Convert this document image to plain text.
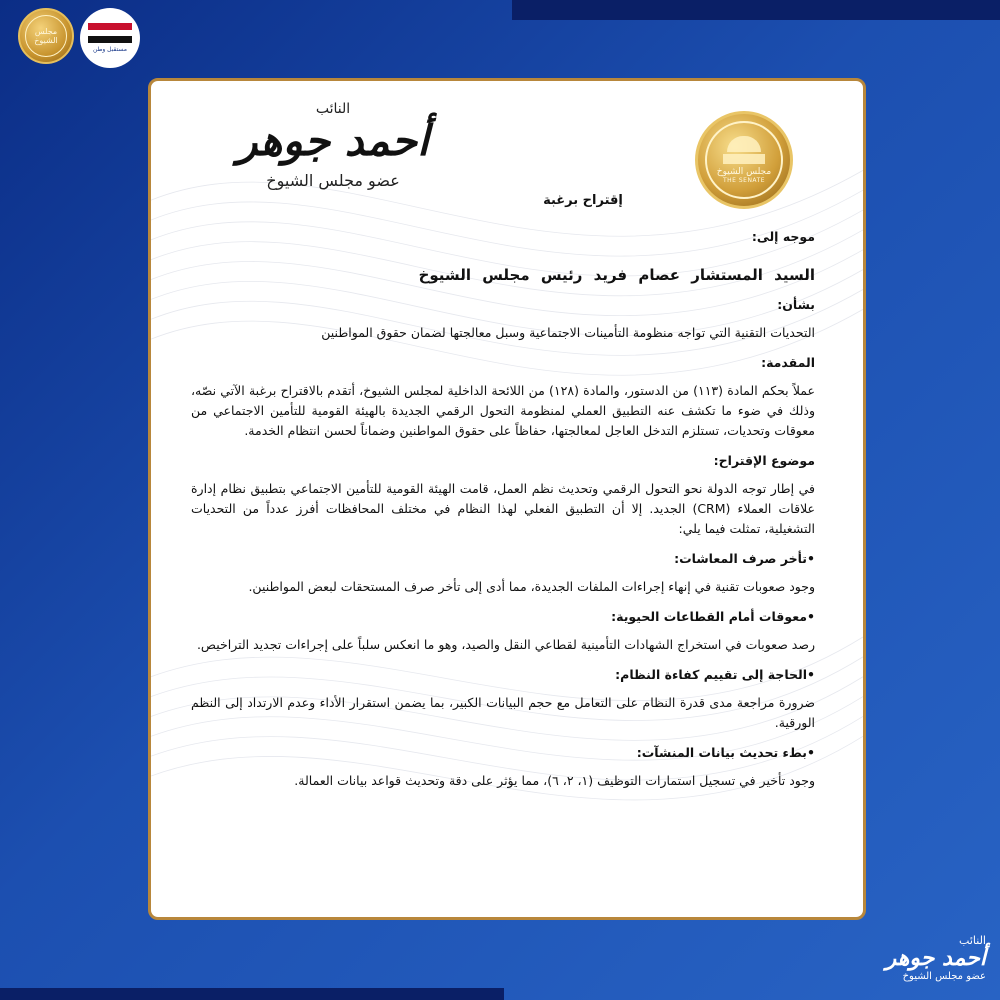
مجلس الشيوخ
مستقبل وطن
النائب
أحمد جوهر
عضو مجلس الشيوخ	مجلس الشيوخ
THE SENATE
إقتراح برغبة
موجه إلى:
السيد المستشار عصام فريد رئيس مجلس الشيوخ
بشأن:

التحديات التقنية التي تواجه منظومة التأمينات الاجتماعية وسبل معالجتها لضمان حقوق المواطنين

المقدمة:

عملاً بحكم المادة (١١٣) من الدستور، والمادة (١٢٨) من اللائحة الداخلية لمجلس الشيوخ، أتقدم بالاقتراح برغبة الآتي نصّه، وذلك في ضوء ما تكشف عنه التطبيق العملي لمنظومة التحول الرقمي الجديدة بالهيئة القومية للتأمين الاجتماعي من معوقات وتحديات، تستلزم التدخل العاجل لمعالجتها، حفاظاً على حقوق المواطنين وضماناً لحسن انتظام الخدمة.

موضوع الإقتراح:

في إطار توجه الدولة نحو التحول الرقمي وتحديث نظم العمل، قامت الهيئة القومية للتأمين الاجتماعي بتطبيق نظام إدارة علاقات العملاء (CRM) الجديد. إلا أن التطبيق الفعلي لهذا النظام في مختلف المحافظات أفرز عدداً من التحديات التشغيلية، تمثلت فيما يلي:

•تأخر صرف المعاشات:

وجود صعوبات تقنية في إنهاء إجراءات الملفات الجديدة، مما أدى إلى تأخر صرف المستحقات لبعض المواطنين.

•معوقات أمام القطاعات الحيوية:

رصد صعوبات في استخراج الشهادات التأمينية لقطاعي النقل والصيد، وهو ما انعكس سلباً على إجراءات تجديد التراخيص.

•الحاجة إلى تقييم كفاءة النظام:

ضرورة مراجعة مدى قدرة النظام على التعامل مع حجم البيانات الكبير، بما يضمن استقرار الأداء وعدم الارتداد إلى النظم الورقية.

•بطء تحديث بيانات المنشآت:

وجود تأخير في تسجيل استمارات التوظيف (١، ٢، ٦)، مما يؤثر على دقة وتحديث قواعد بيانات العمالة.

النائب
أحمد جوهر
عضو مجلس الشيوخ
